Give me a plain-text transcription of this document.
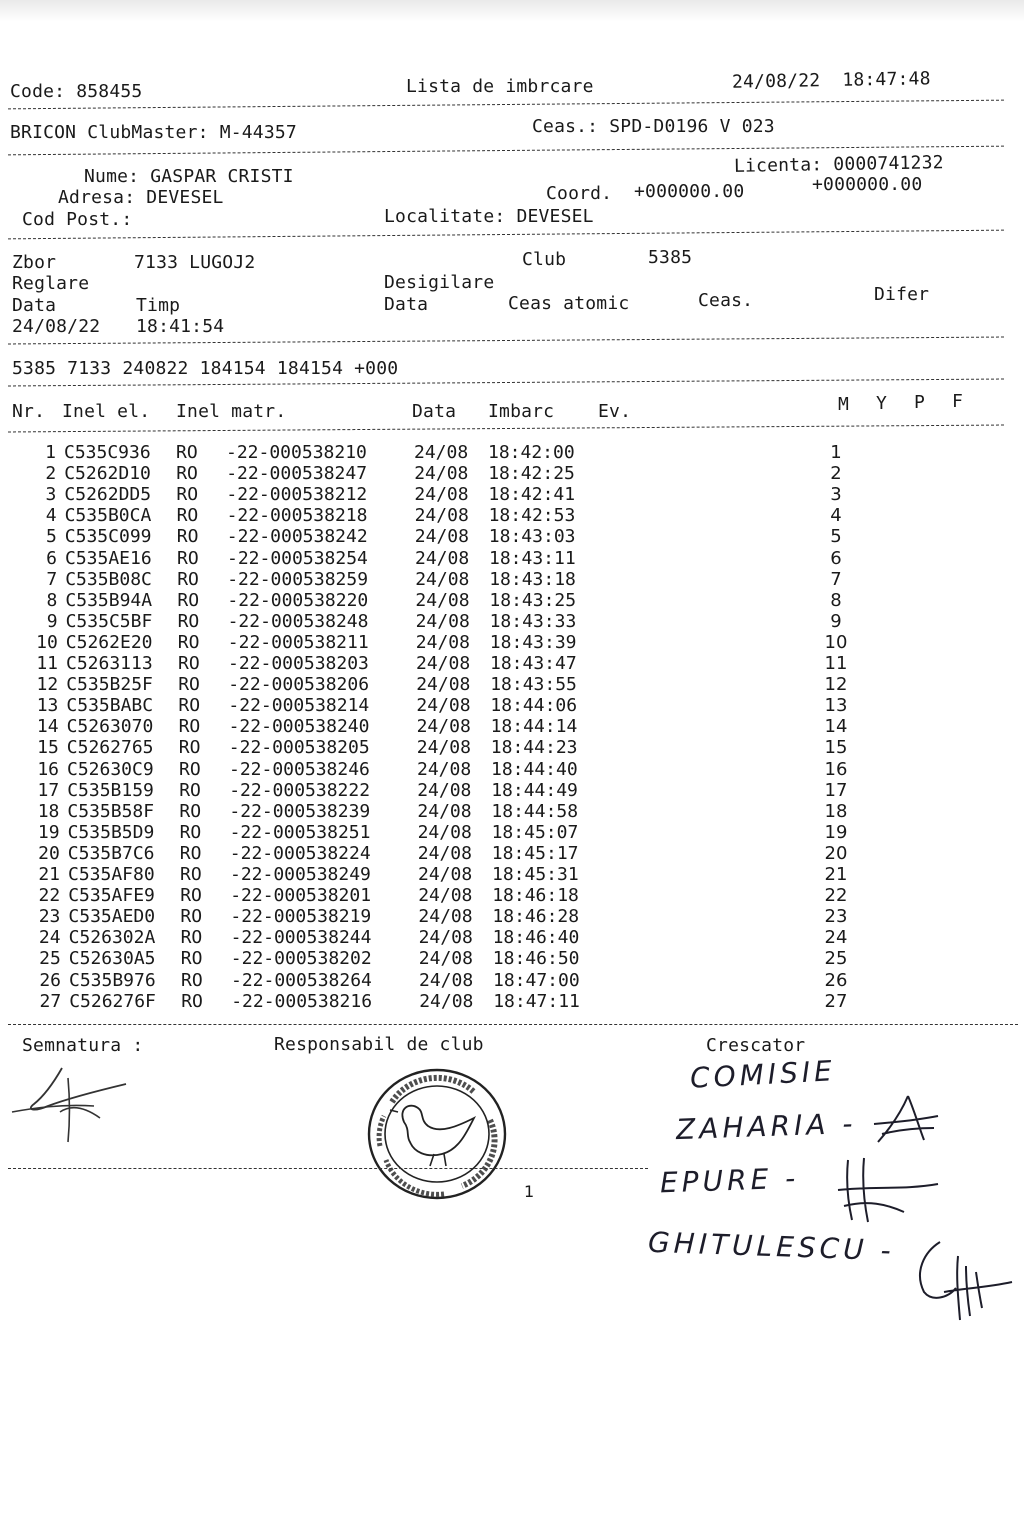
Code: 858455	Lista de imbrcare	24/08/22  18:47:48
BRICON ClubMaster: M-44357	Ceas.: SPD-D0196 V 023
Nume: GASPAR CRISTI	Licenta: 0000741232
Adresa: DEVESEL	Coord. +000000.00	+000000.00
Cod Post.:	Localitate: DEVESEL
Zbor	7133 LUGOJ2	Club	5385
Reglare	Desigilare
Data	Timp	Data	Ceas atomic	Ceas.	Difer
24/08/22 18:41:54
5385 7133 240822 184154 184154 +000
Nr. Inel el. Inel matr.	Data Imbarc Ev.	M Y P F
1 C535C936 RO -22-000538210	24/08 18:42:00	1
2 C5262D10 RO -22-000538247	24/08 18:42:25	2
3 C5262DD5 RO -22-000538212	24/08 18:42:41	3
4 C535B0CA RO -22-000538218	24/08 18:42:53	4
5 C535C099 RO -22-000538242	24/08 18:43:03	5
6 C535AE16 RO -22-000538254	24/08 18:43:11	6
7 C535B08C RO -22-000538259	24/08 18:43:18	7
8 C535B94A RO -22-000538220	24/08 18:43:25	8
9 C535C5BF RO -22-000538248	24/08 18:43:33	9
10 C5262E20 RO -22-000538211	24/08 18:43:39	10
11 C5263113 RO -22-000538203	24/08 18:43:47	11
12 C535B25F RO -22-000538206	24/08 18:43:55	12
13 C535BABC RO -22-000538214	24/08 18:44:06	13
14 C5263070 RO -22-000538240	24/08 18:44:14	14
15 C5262765 RO -22-000538205	24/08 18:44:23	15
16 C52630C9 RO -22-000538246	24/08 18:44:40	16
17 C535B159 RO -22-000538222	24/08 18:44:49	17
18 C535B58F RO -22-000538239	24/08 18:44:58	18
19 C535B5D9 RO -22-000538251	24/08 18:45:07	19
20 C535B7C6 RO -22-000538224	24/08 18:45:17	20
21 C535AF80 RO -22-000538249	24/08 18:45:31	21
22 C535AFE9 RO -22-000538201	24/08 18:46:18	22
23 C535AED0 RO -22-000538219	24/08 18:46:28	23
24 C526302A RO -22-000538244	24/08 18:46:40	24
25 C52630A5 RO -22-000538202	24/08 18:46:50	25
26 C535B976 RO -22-000538264	24/08 18:47:00	26
27 C526276F RO -22-000538216	24/08 18:47:11	27
Semnatura :	Responsabil de club	Crescator
1
COMISIE
ZAHARIA -
EPURE -
GHITULESCU -
